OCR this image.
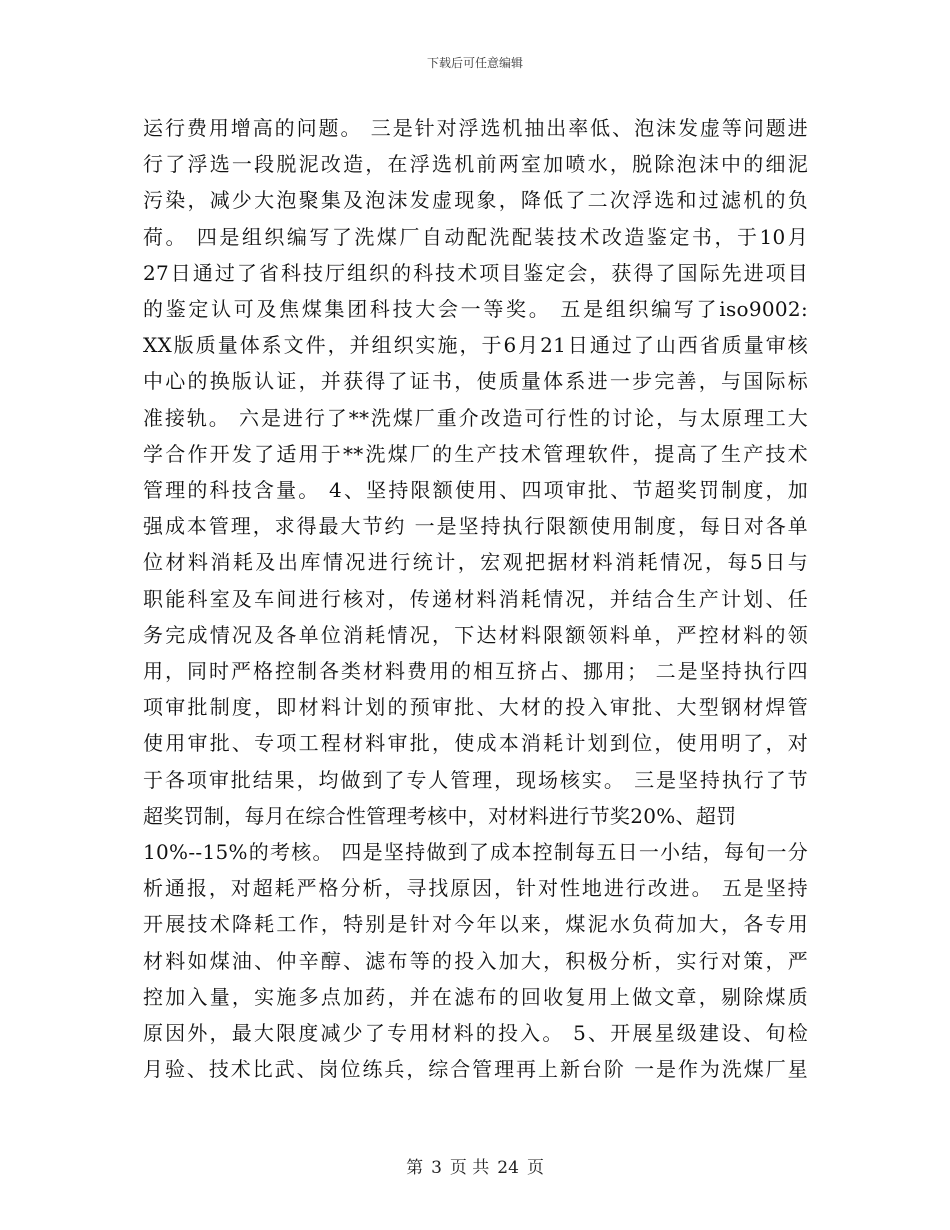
下载后可任意编辑
运行费用增高的问题。 三是针对浮选机抽出率低、泡沫发虚等问题进
行了浮选一段脱泥改造，在浮选机前两室加喷水，脱除泡沫中的细泥
污染，减少大泡聚集及泡沫发虚现象，降低了二次浮选和过滤机的负
荷。 四是组织编写了洗煤厂自动配洗配装技术改造鉴定书，于10月
27日通过了省科技厅组织的科技术项目鉴定会，获得了国际先进项目
的鉴定认可及焦煤集团科技大会一等奖。 五是组织编写了iso9002:
XX版质量体系文件，并组织实施，于6月21日通过了山西省质量审核
中心的换版认证，并获得了证书，使质量体系进一步完善，与国际标
准接轨。 六是进行了**洗煤厂重介改造可行性的讨论，与太原理工大
学合作开发了适用于**洗煤厂的生产技术管理软件，提高了生产技术
管理的科技含量。 4、坚持限额使用、四项审批、节超奖罚制度，加
强成本管理，求得最大节约 一是坚持执行限额使用制度，每日对各单
位材料消耗及出库情况进行统计，宏观把据材料消耗情况，每5日与
职能科室及车间进行核对，传递材料消耗情况，并结合生产计划、任
务完成情况及各单位消耗情况，下达材料限额领料单，严控材料的领
用，同时严格控制各类材料费用的相互挤占、挪用； 二是坚持执行四
项审批制度，即材料计划的预审批、大材的投入审批、大型钢材焊管
使用审批、专项工程材料审批，使成本消耗计划到位，使用明了，对
于各项审批结果，均做到了专人管理，现场核实。 三是坚持执行了节
超奖罚制，每月在综合性管理考核中，对材料进行节奖20%、超罚
10%--15%的考核。 四是坚持做到了成本控制每五日一小结，每旬一分
析通报，对超耗严格分析，寻找原因，针对性地进行改进。 五是坚持
开展技术降耗工作，特别是针对今年以来，煤泥水负荷加大，各专用
材料如煤油、仲辛醇、滤布等的投入加大，积极分析，实行对策，严
控加入量，实施多点加药，并在滤布的回收复用上做文章，剔除煤质
原因外，最大限度减少了专用材料的投入。 5、开展星级建设、旬检
月验、技术比武、岗位练兵，综合管理再上新台阶 一是作为洗煤厂星
第 3 页 共 24 页
